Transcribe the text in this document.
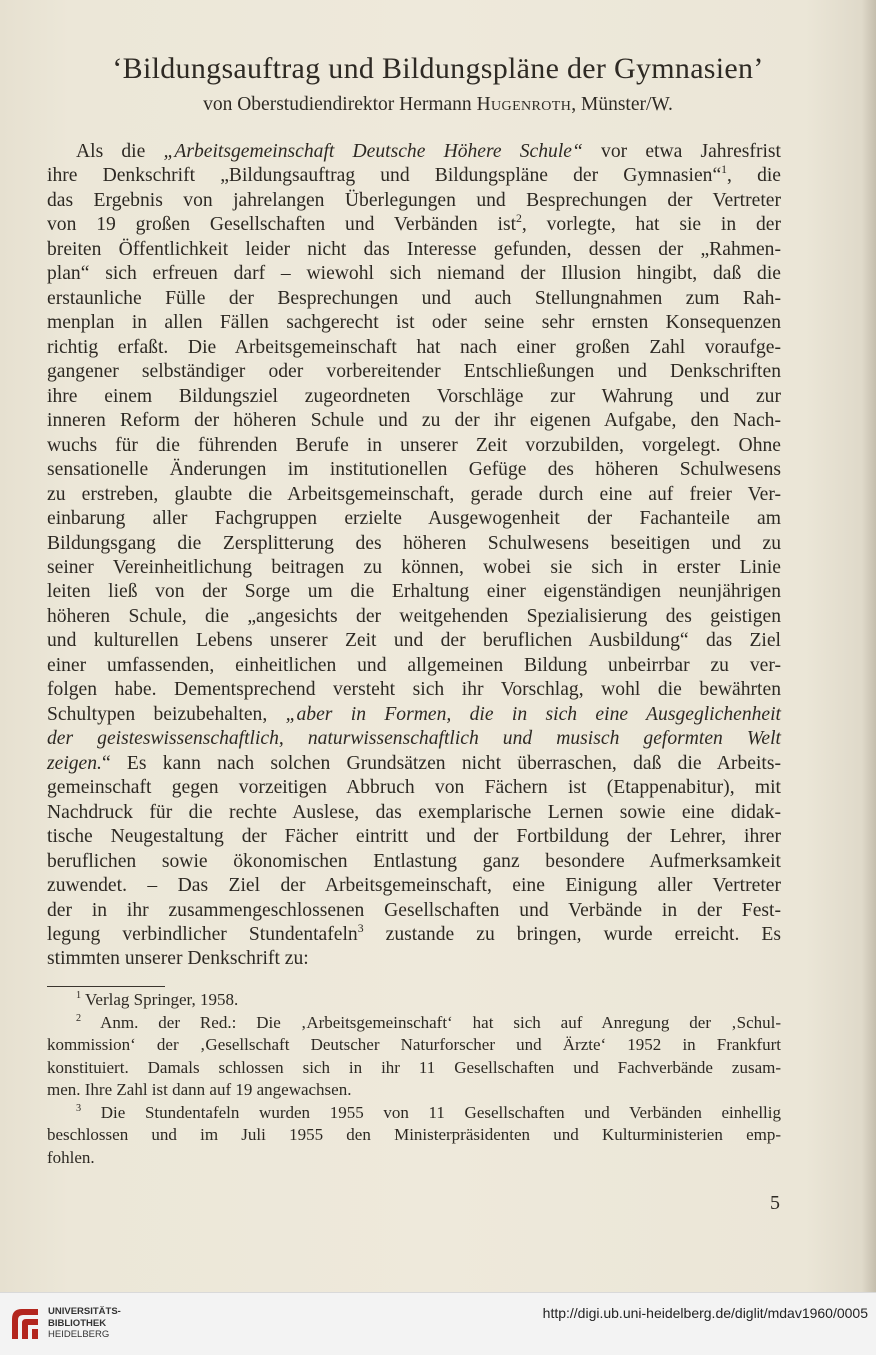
‘Bildungsauftrag und Bildungspläne der Gymnasien’
von Oberstudiendirektor Hermann Hugenroth, Münster/W.
Als die „Arbeitsgemeinschaft Deutsche Höhere Schule“ vor etwa Jahresfrist
ihre Denkschrift „Bildungsauftrag und Bildungspläne der Gymnasien“$^1$, die
das Ergebnis von jahrelangen Überlegungen und Besprechungen der Vertreter
von 19 großen Gesellschaften und Verbänden ist$^2$, vorlegte, hat sie in der
breiten Öffentlichkeit leider nicht das Interesse gefunden, dessen der „Rahmen-
plan“ sich erfreuen darf – wiewohl sich niemand der Illusion hingibt, daß die
erstaunliche Fülle der Besprechungen und auch Stellungnahmen zum Rah-
menplan in allen Fällen sachgerecht ist oder seine sehr ernsten Konsequenzen
richtig erfaßt. Die Arbeitsgemeinschaft hat nach einer großen Zahl voraufge-
gangener selbständiger oder vorbereitender Entschließungen und Denkschriften
ihre einem Bildungsziel zugeordneten Vorschläge zur Wahrung und zur
inneren Reform der höheren Schule und zu der ihr eigenen Aufgabe, den Nach-
wuchs für die führenden Berufe in unserer Zeit vorzubilden, vorgelegt. Ohne
sensationelle Änderungen im institutionellen Gefüge des höheren Schulwesens
zu erstreben, glaubte die Arbeitsgemeinschaft, gerade durch eine auf freier Ver-
einbarung aller Fachgruppen erzielte Ausgewogenheit der Fachanteile am
Bildungsgang die Zersplitterung des höheren Schulwesens beseitigen und zu
seiner Vereinheitlichung beitragen zu können, wobei sie sich in erster Linie
leiten ließ von der Sorge um die Erhaltung einer eigenständigen neunjährigen
höheren Schule, die „angesichts der weitgehenden Spezialisierung des geistigen
und kulturellen Lebens unserer Zeit und der beruflichen Ausbildung“ das Ziel
einer umfassenden, einheitlichen und allgemeinen Bildung unbeirrbar zu ver-
folgen habe. Dementsprechend versteht sich ihr Vorschlag, wohl die bewährten
Schultypen beizubehalten, „aber in Formen, die in sich eine Ausgeglichenheit
der geisteswissenschaftlich, naturwissenschaftlich und musisch geformten Welt
zeigen.“ Es kann nach solchen Grundsätzen nicht überraschen, daß die Arbeits-
gemeinschaft gegen vorzeitigen Abbruch von Fächern ist (Etappenabitur), mit
Nachdruck für die rechte Auslese, das exemplarische Lernen sowie eine didak-
tische Neugestaltung der Fächer eintritt und der Fortbildung der Lehrer, ihrer
beruflichen sowie ökonomischen Entlastung ganz besondere Aufmerksamkeit
zuwendet. – Das Ziel der Arbeitsgemeinschaft, eine Einigung aller Vertreter
der in ihr zusammengeschlossenen Gesellschaften und Verbände in der Fest-
legung verbindlicher Stundentafeln$^3$ zustande zu bringen, wurde erreicht. Es
stimmten unserer Denkschrift zu:
$^1$ Verlag Springer, 1958.
$^2$ Anm. der Red.: Die ‚Arbeitsgemeinschaft‘ hat sich auf Anregung der ‚Schul-
kommission‘ der ‚Gesellschaft Deutscher Naturforscher und Ärzte‘ 1952 in Frankfurt
konstituiert. Damals schlossen sich in ihr 11 Gesellschaften und Fachverbände zusam-
men. Ihre Zahl ist dann auf 19 angewachsen.
$^3$ Die Stundentafeln wurden 1955 von 11 Gesellschaften und Verbänden einhellig
beschlossen und im Juli 1955 den Ministerpräsidenten und Kulturministerien emp-
fohlen.
5
UNIVERSITÄTS-
BIBLIOTHEK
HEIDELBERG
http://digi.ub.uni-heidelberg.de/diglit/mdav1960/0005
